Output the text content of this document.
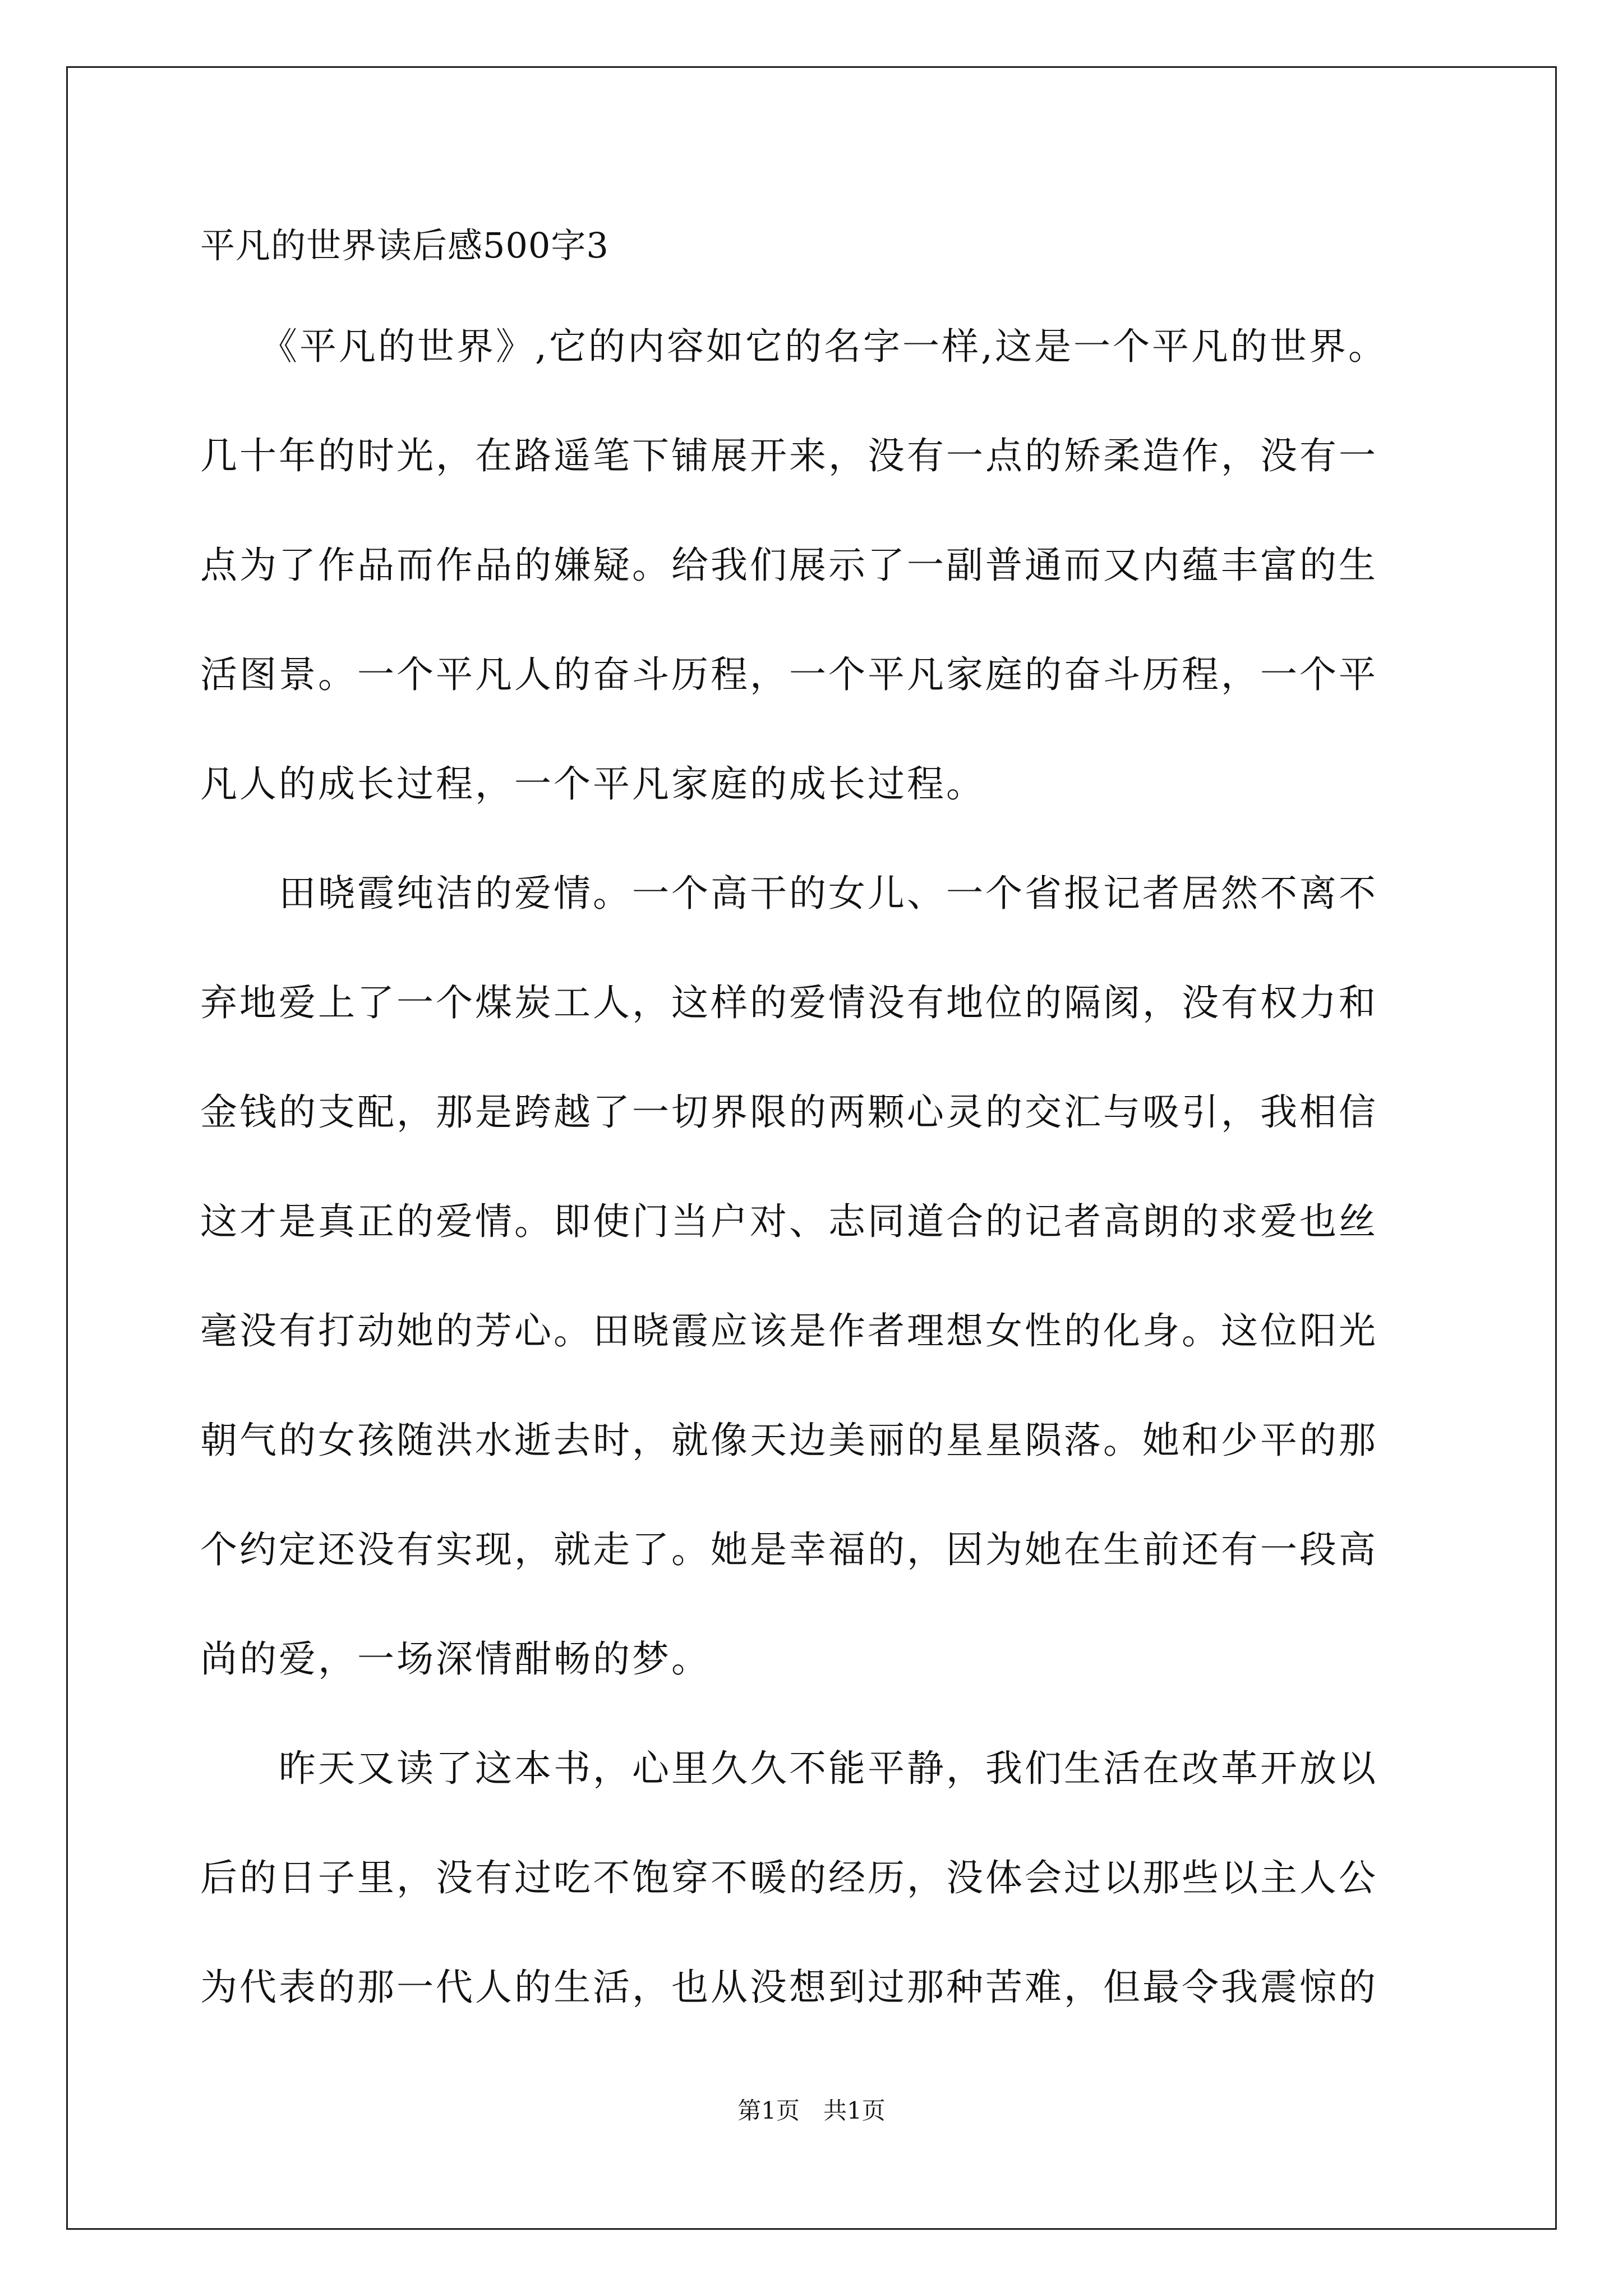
平凡的世界读后感500字3
　　《平凡的世界》,它的内容如它的名字一样,这是一个平凡的世界。
几十年的时光，在路遥笔下铺展开来，没有一点的矫柔造作，没有一
点为了作品而作品的嫌疑。给我们展示了一副普通而又内蕴丰富的生
活图景。一个平凡人的奋斗历程，一个平凡家庭的奋斗历程，一个平
凡人的成长过程，一个平凡家庭的成长过程。
　　田晓霞纯洁的爱情。一个高干的女儿、一个省报记者居然不离不
弃地爱上了一个煤炭工人，这样的爱情没有地位的隔阂，没有权力和
金钱的支配，那是跨越了一切界限的两颗心灵的交汇与吸引，我相信
这才是真正的爱情。即使门当户对、志同道合的记者高朗的求爱也丝
毫没有打动她的芳心。田晓霞应该是作者理想女性的化身。这位阳光
朝气的女孩随洪水逝去时，就像天边美丽的星星陨落。她和少平的那
个约定还没有实现，就走了。她是幸福的，因为她在生前还有一段高
尚的爱，一场深情酣畅的梦。
　　昨天又读了这本书，心里久久不能平静，我们生活在改革开放以
后的日子里，没有过吃不饱穿不暖的经历，没体会过以那些以主人公
为代表的那一代人的生活，也从没想到过那种苦难，但最令我震惊的
第1页　共1页
